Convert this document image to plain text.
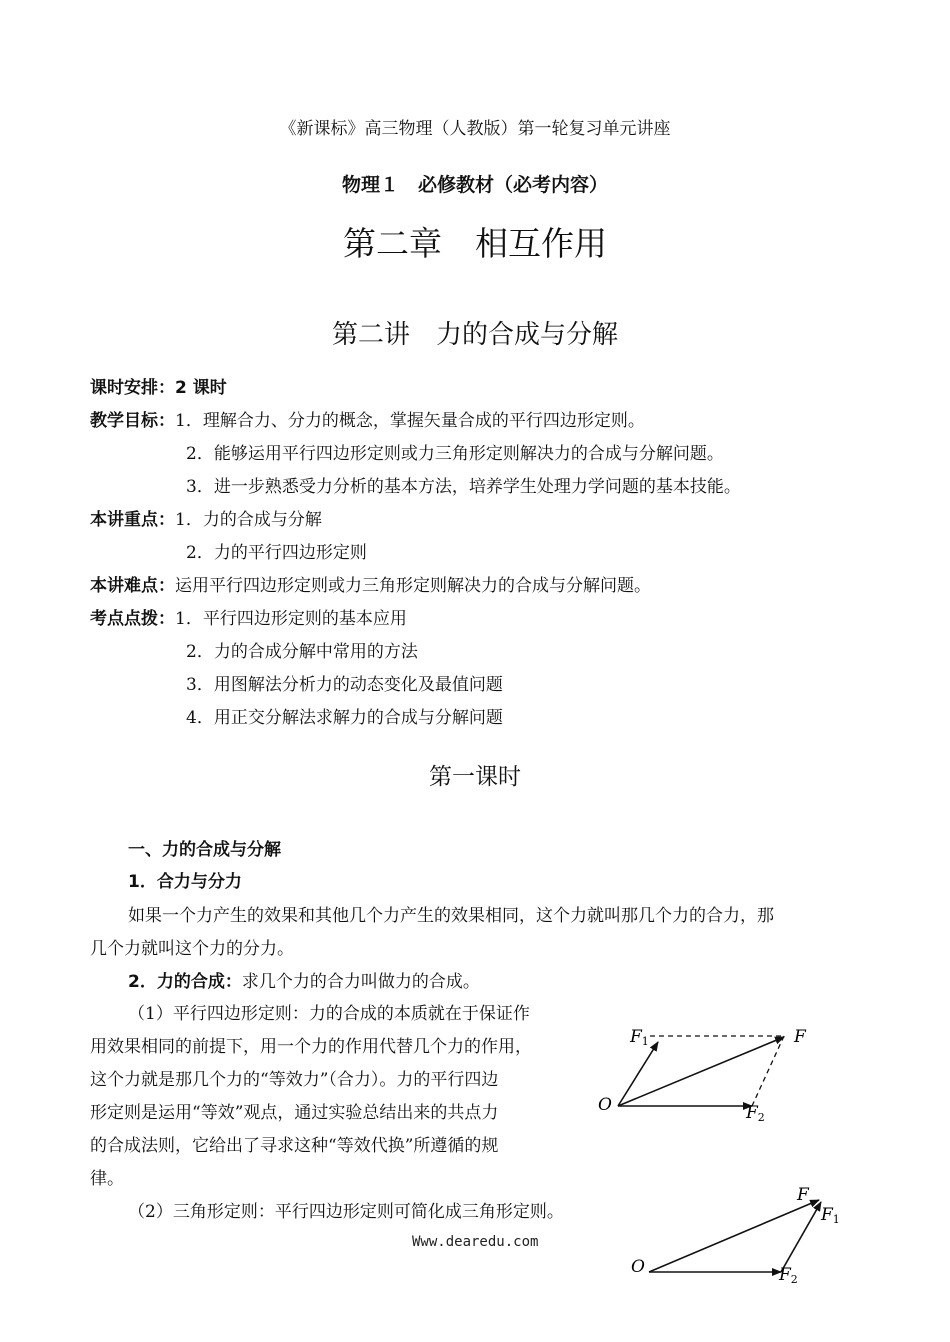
《新课标》高三物理（人教版）第一轮复习单元讲座
物理１　必修教材（必考内容）
第二章　相互作用
第二讲　力的合成与分解
课时安排：2 课时
教学目标：1．理解合力、分力的概念，掌握矢量合成的平行四边形定则。
2．能够运用平行四边形定则或力三角形定则解决力的合成与分解问题。
3．进一步熟悉受力分析的基本方法，培养学生处理力学问题的基本技能。
本讲重点：1．力的合成与分解
2．力的平行四边形定则
本讲难点：运用平行四边形定则或力三角形定则解决力的合成与分解问题。
考点点拨：1．平行四边形定则的基本应用
2．力的合成分解中常用的方法
3．用图解法分析力的动态变化及最值问题
4．用正交分解法求解力的合成与分解问题
第一课时
一、力的合成与分解
1．合力与分力
如果一个力产生的效果和其他几个力产生的效果相同，这个力就叫那几个力的合力，那
几个力就叫这个力的分力。
2．力的合成：求几个力的合力叫做力的合成。
（1）平行四边形定则：力的合成的本质就在于保证作
用效果相同的前提下，用一个力的作用代替几个力的作用，
这个力就是那几个力的“等效力”（合力）。力的平行四边
形定则是运用“等效”观点，通过实验总结出来的共点力
的合成法则，它给出了寻求这种“等效代换”所遵循的规
律。
（2）三角形定则：平行四边形定则可简化成三角形定则。
O
F1	F
F2
O
F
F1
F2
Www.dearedu.com
